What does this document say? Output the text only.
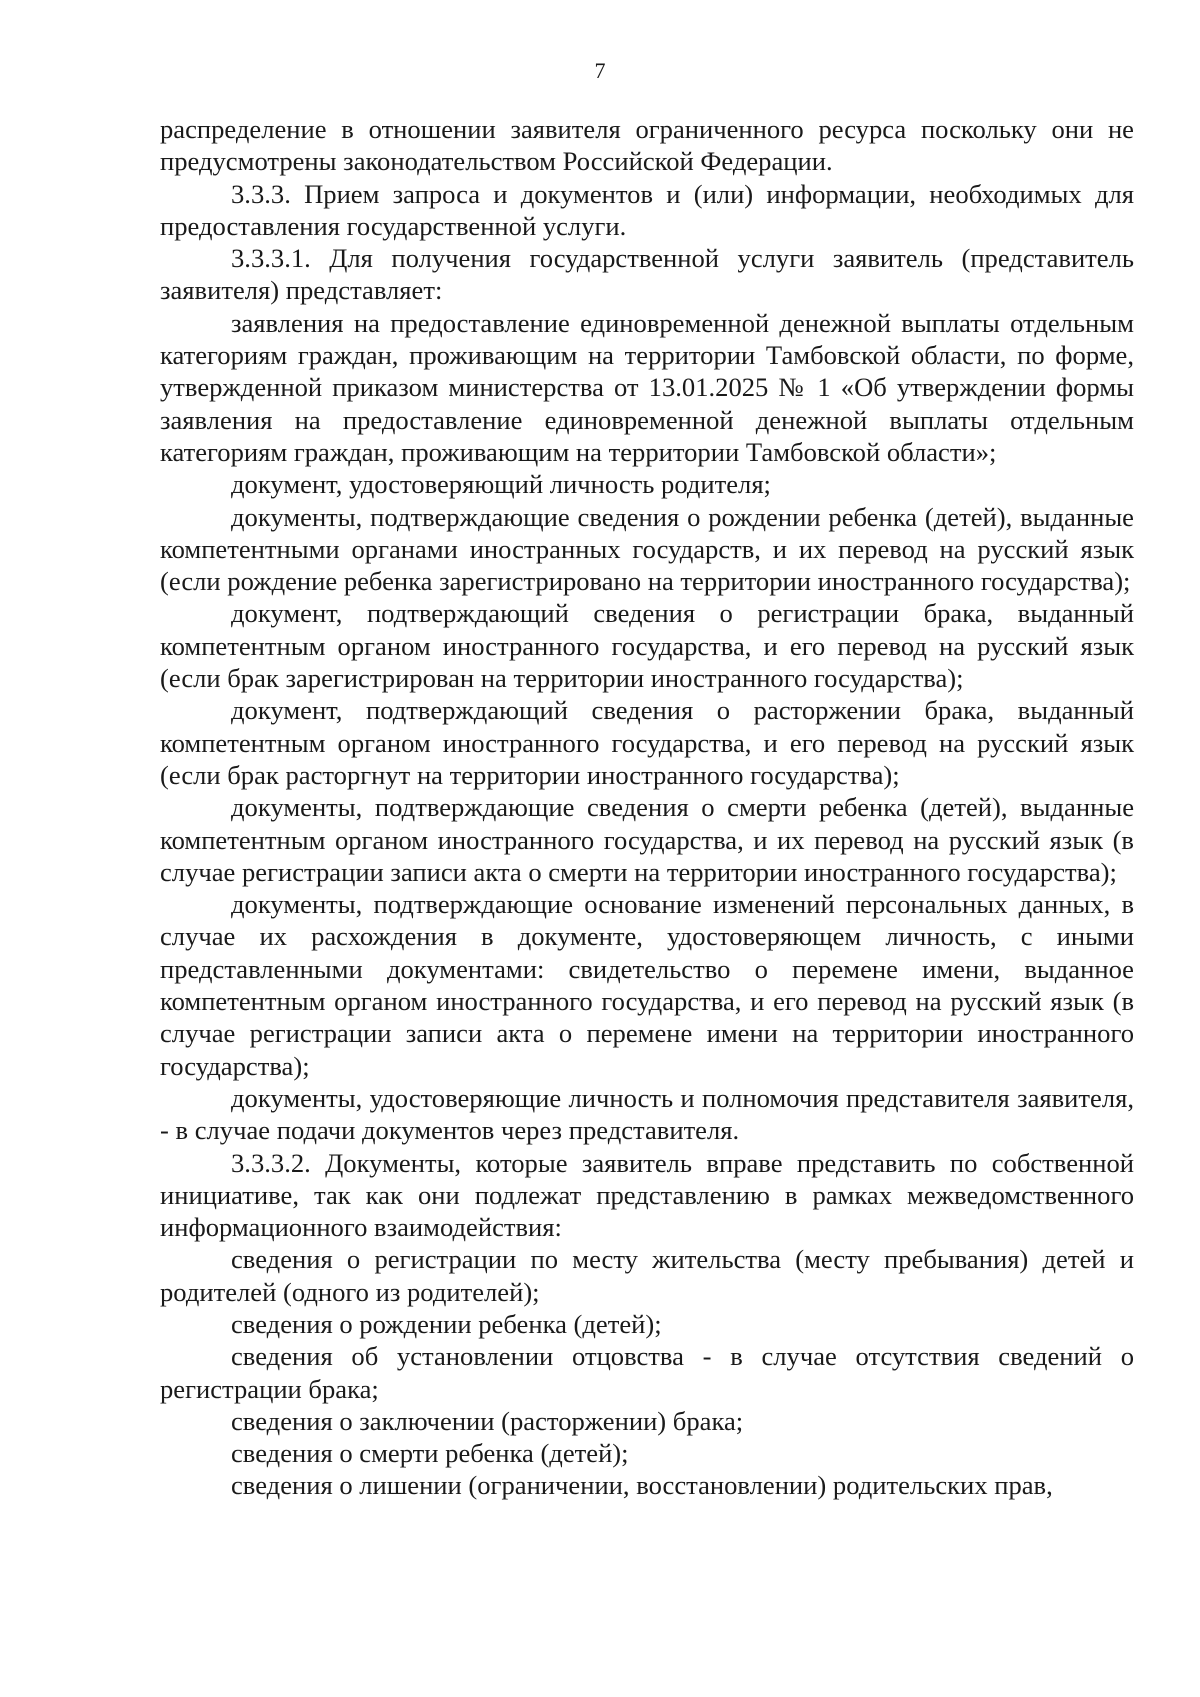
7

распределение в отношении заявителя ограниченного ресурса поскольку они не предусмотрены законодательством Российской Федерации.

3.3.3. Прием запроса и документов и (или) информации, необходимых для предоставления государственной услуги.

3.3.3.1. Для получения государственной услуги заявитель (представитель заявителя) представляет:

заявления на предоставление единовременной денежной выплаты отдельным категориям граждан, проживающим на территории Тамбовской области, по форме, утвержденной приказом министерства от 13.01.2025 № 1 «Об утверждении формы заявления на предоставление единовременной денежной выплаты отдельным категориям граждан, проживающим на территории Тамбовской области»;

документ, удостоверяющий личность родителя;

документы, подтверждающие сведения о рождении ребенка (детей), выданные компетентными органами иностранных государств, и их перевод на русский язык (если рождение ребенка зарегистрировано на территории иностранного государства);

документ, подтверждающий сведения о регистрации брака, выданный компетентным органом иностранного государства, и его перевод на русский язык (если брак зарегистрирован на территории иностранного государства);

документ, подтверждающий сведения о расторжении брака, выданный компетентным органом иностранного государства, и его перевод на русский язык (если брак расторгнут на территории иностранного государства);

документы, подтверждающие сведения о смерти ребенка (детей), выданные компетентным органом иностранного государства, и их перевод на русский язык (в случае регистрации записи акта о смерти на территории иностранного государства);

документы, подтверждающие основание изменений персональных данных, в случае их расхождения в документе, удостоверяющем личность, с иными представленными документами: свидетельство о перемене имени, выданное компетентным органом иностранного государства, и его перевод на русский язык (в случае регистрации записи акта о перемене имени на территории иностранного государства);

документы, удостоверяющие личность и полномочия представителя заявителя, - в случае подачи документов через представителя.

3.3.3.2. Документы, которые заявитель вправе представить по собственной инициативе, так как они подлежат представлению в рамках межведомственного информационного взаимодействия:

сведения о регистрации по месту жительства (месту пребывания) детей и родителей (одного из родителей);

сведения о рождении ребенка (детей);

сведения об установлении отцовства - в случае отсутствия сведений о регистрации брака;

сведения о заключении (расторжении) брака;

сведения о смерти ребенка (детей);

сведения о лишении (ограничении, восстановлении) родительских прав,
